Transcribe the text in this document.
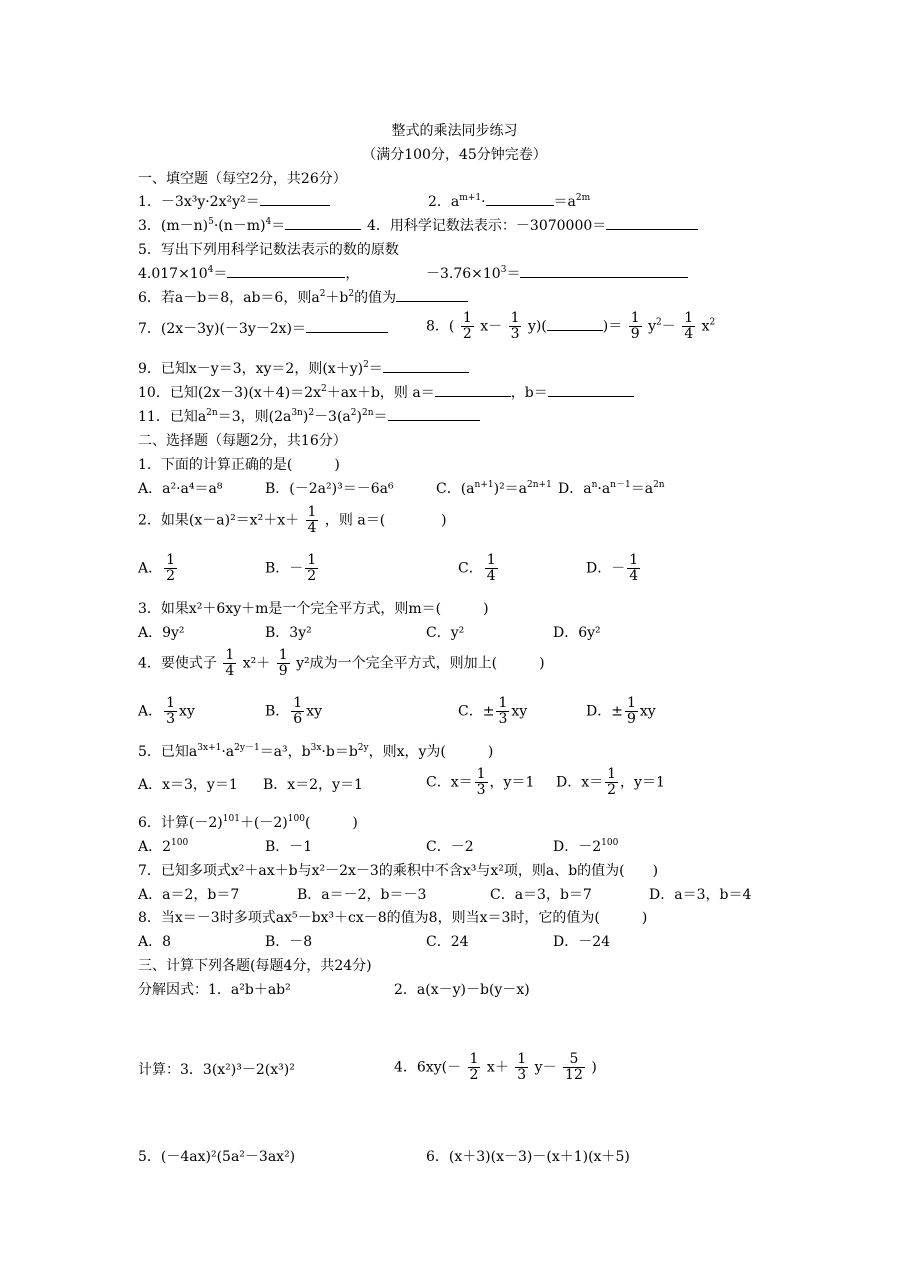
整式的乘法同步练习
（满分100分，45分钟完卷）
一、填空题（每空2分，共26分）
1．－3x³y·2x²y²＝	2．$a^{m+1}\cdot$	$=a^{2m}$
3．$(m-n)^5\cdot(n-m)^4=$	4．用科学记数法表示：－3070000＝
5．写出下列用科学记数法表示的数的原数
$4.017\times 10^4=$	，	$-3.76\times 10^3=$
6．若a－b＝8，ab＝6，则$a^2+b^2$的值为
7．(2x－3y)(－3y－2x)＝	8．( $\frac{1}{2} x- \frac{1}{3} y$)(	)＝ $\frac{1}{9} y^2- \frac{1}{4} x^2$
9．已知x－y＝3，xy＝2，则$(x+y)^2=$
10．已知$(2x-3)(x+4)=2x^2+ax+b$，则 a＝	，b＝
11．已知$a^{2n}=3$，则$(2a^{3n})^2-3(a^2)^{2n}=$
二、选择题（每题2分，共16分）
1．下面的计算正确的是(　　　)
A．a²·a⁴＝a⁸	B．(－2a²)³＝－6a⁶	C．$(a^{n+1})^2=a^{2n+1}$ D．$a^n\cdot a^{n-1}=a^{2n}$
2．如果$(x-a)^2=x^2+x+ \frac{1}{4}$ ，则 a＝(　　　　)
A． $\frac{1}{2}$	B．－ $\frac{1}{2}$	C． $\frac{1}{4}$	D．－ $\frac{1}{4}$
3．如果x²＋6xy＋m是一个完全平方式，则m＝(　　　)
A．9y²	B．3y²	C．y²	D．6y²
4．要使式子 $\frac{1}{4} x^2+ \frac{1}{9} y^2$成为一个完全平方式，则加上(　　　)
A． $\frac{1}{3}$ xy	B． $\frac{1}{6}$ xy	C．± $\frac{1}{3}$ xy	D．± $\frac{1}{9}$ xy
5．已知$a^{3x+1}\cdot a^{2y-1}=a^3$，$b^{3x}\cdot b=b^{2y}$，则x，y为(　　　)
A．x＝3，y＝1 B．x＝2，y＝1	C．$x= \frac{1}{3}$ ，y＝1 D．$x= \frac{1}{2}$ ，y＝1
6．计算$(-2)^{101}+(-2)^{100}$(　　　)
A．$2^{100}$	B．－1	C．－2	D．$-2^{100}$
7．已知多项式x²＋ax＋b与x²－2x－3的乘积中不含x³与x²项，则a、b的值为(　　)
A．a＝2，b＝7	B．a＝－2，b＝－3	C．a＝3，b＝7	D．a＝3，b＝4
8．当x＝－3时多项式ax⁵－bx³＋cx－8的值为8，则当x＝3时，它的值为(　　　)
A．8	B．－8	C．24	D．－24
三、计算下列各题(每题4分，共24分)
分解因式：1．a²b＋ab²	2．a(x－y)－b(y－x)
计算：3．3(x²)³－2(x³)²	4．$6xy(- \frac{1}{2} x+ \frac{1}{3} y- \frac{5}{12}$ )
5．(－4ax)²(5a²－3ax²)	6．(x＋3)(x－3)－(x＋1)(x＋5)
